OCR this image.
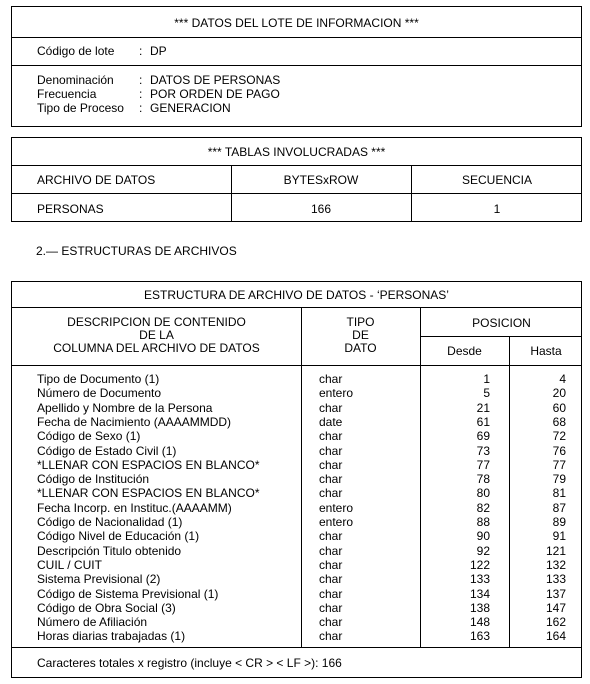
*** DATOS DEL LOTE DE INFORMACION ***
Código de lote : DP
Denominación : DATOS DE PERSONAS
Frecuencia	: POR ORDEN DE PAGO
Tipo de Proceso : GENERACION
*** TABLAS INVOLUCRADAS ***
ARCHIVO DE DATOS	BYTESxROW	SECUENCIA
PERSONAS	166	1
2.— ESTRUCTURAS DE ARCHIVOS
ESTRUCTURA DE ARCHIVO DE DATOS - ‘PERSONAS’
DESCRIPCION DE CONTENIDO
DE LA
COLUMNA DEL ARCHIVO DE DATOS
TIPO
DE
DATO
POSICION
Desde	Hasta
Tipo de Documento (1)	char	1	4
Número de Documento	entero	5	20
Apellido y Nombre de la Persona	char	21	60
Fecha de Nacimiento (AAAAMMDD)	date	61	68
Código de Sexo (1)	char	69	72
Código de Estado Civil (1)	char	73	76
*LLENAR CON ESPACIOS EN BLANCO*	char	77	77
Código de Institución	char	78	79
*LLENAR CON ESPACIOS EN BLANCO*	char	80	81
Fecha Incorp. en Instituc.(AAAAMM)	entero	82	87
Código de Nacionalidad (1)	entero	88	89
Código Nivel de Educación (1)	char	90	91
Descripción Titulo obtenido	char	92	121
CUIL / CUIT	char	122	132
Sistema Previsional (2)	char	133	133
Código de Sistema Previsional (1)	char	134	137
Código de Obra Social (3)	char	138	147
Número de Afiliación	char	148	162
Horas diarias trabajadas (1)	char	163	164
Caracteres totales x registro (incluye < CR > < LF >): 166
